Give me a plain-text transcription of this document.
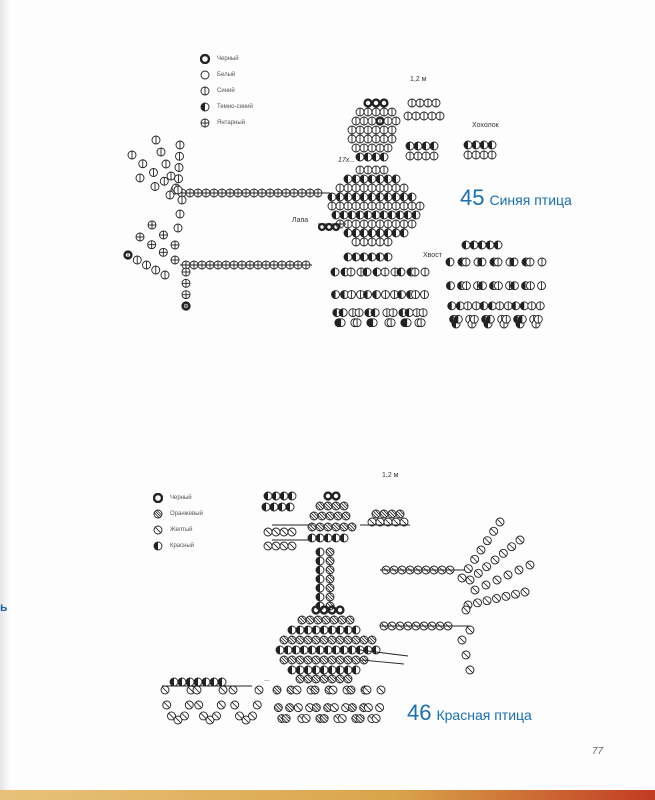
ь
Черный
Белый
Синий
Темно-синий
Янтарный
1,2 м
Хохолок
17х...
Лапа
Хвост
45 Синяя птица
Черный
Оранжевый
Желтый
Красный
1,2 м
...
46 Красная птица
77
